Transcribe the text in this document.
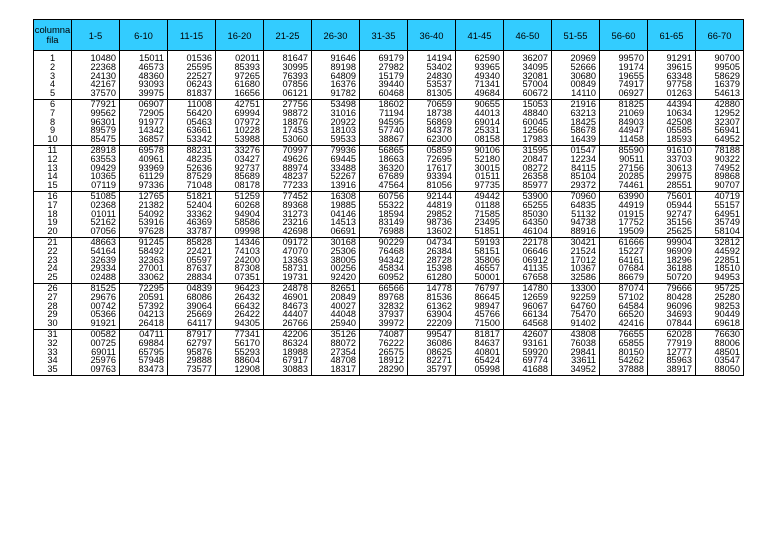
columna
fila	1-5	6-10	11-15	16-20	21-25	26-30	31-35	36-40	41-45	46-50	51-55	56-60	61-65	66-70
1	10480	15011	01536	02011	81647	91646	69179	14194	62590	36207	20969	99570	91291	90700
2	22368	46573	25595	85393	30995	89198	27982	53402	93965	34095	52666	19174	39615	99505
3	24130	48360	22527	97265	76393	64809	15179	24830	49340	32081	30680	19655	63348	58629
4	42167	93093	06243	61680	07856	16376	39440	53537	71341	57004	00849	74917	97758	16379
5	37570	39975	81837	16656	06121	91782	60468	81305	49684	60672	14110	06927	01263	54613
6	77921	06907	11008	42751	27756	53498	18602	70659	90655	15053	21916	81825	44394	42880
7	99562	72905	56420	69994	98872	31016	71194	18738	44013	48840	63213	21069	10634	12952
8	96301	91977	05463	07972	18876	20922	94595	56869	69014	60045	18425	84903	42508	32307
9	89579	14342	63661	10228	17453	18103	57740	84378	25331	12566	58678	44947	05585	56941
10	85475	36857	53342	53988	53060	59533	38867	62300	08158	17983	16439	11458	18593	64952
11	28918	69578	88231	33276	70997	79936	56865	05859	90106	31595	01547	85590	91610	78188
12	63553	40961	48235	03427	49626	69445	18663	72695	52180	20847	12234	90511	33703	90322
13	09429	93969	52636	92737	88974	33488	36320	17617	30015	08272	84115	27156	30613	74952
14	10365	61129	87529	85689	48237	52267	67689	93394	01511	26358	85104	20285	29975	89868
15	07119	97336	71048	08178	77233	13916	47564	81056	97735	85977	29372	74461	28551	90707
16	51085	12765	51821	51259	77452	16308	60756	92144	49442	53900	70960	63990	75601	40719
17	02368	21382	52404	60268	89368	19885	55322	44819	01188	65255	64835	44919	05944	55157
18	01011	54092	33362	94904	31273	04146	18594	29852	71585	85030	51132	01915	92747	64951
19	52162	53916	46369	58586	23216	14513	83149	98736	23495	64350	94738	17752	35156	35749
20	07056	97628	33787	09998	42698	06691	76988	13602	51851	46104	88916	19509	25625	58104
21	48663	91245	85828	14346	09172	30168	90229	04734	59193	22178	30421	61666	99904	32812
22	54164	58492	22421	74103	47070	25306	76468	26384	58151	06646	21524	15227	96909	44592
23	32639	32363	05597	24200	13363	38005	94342	28728	35806	06912	17012	64161	18296	22851
24	29334	27001	87637	87308	58731	00256	45834	15398	46557	41135	10367	07684	36188	18510
25	02488	33062	28834	07351	19731	92420	60952	61280	50001	67658	32586	86679	50720	94953
26	81525	72295	04839	96423	24878	82651	66566	14778	76797	14780	13300	87074	79666	95725
27	29676	20591	68086	26432	46901	20849	89768	81536	86645	12659	92259	57102	80428	25280
28	00742	57392	39064	66432	84673	40027	32832	61362	98947	96067	64760	64584	96096	98253
29	05366	04213	25669	26422	44407	44048	37937	63904	45766	66134	75470	66520	34693	90449
30	91921	26418	64117	94305	26766	25940	39972	22209	71500	64568	91402	42416	07844	69618
31	00582	04711	87917	77341	42206	35126	74087	99547	81817	42607	43808	76655	62028	76630
32	00725	69884	62797	56170	86324	88072	76222	36086	84637	93161	76038	65855	77919	88006
33	69011	65795	95876	55293	18988	27354	26575	08625	40801	59920	29841	80150	12777	48501
34	25976	57948	29888	88604	67917	48708	18912	82271	65424	69774	33611	54262	85963	03547
35	09763	83473	73577	12908	30883	18317	28290	35797	05998	41688	34952	37888	38917	88050
